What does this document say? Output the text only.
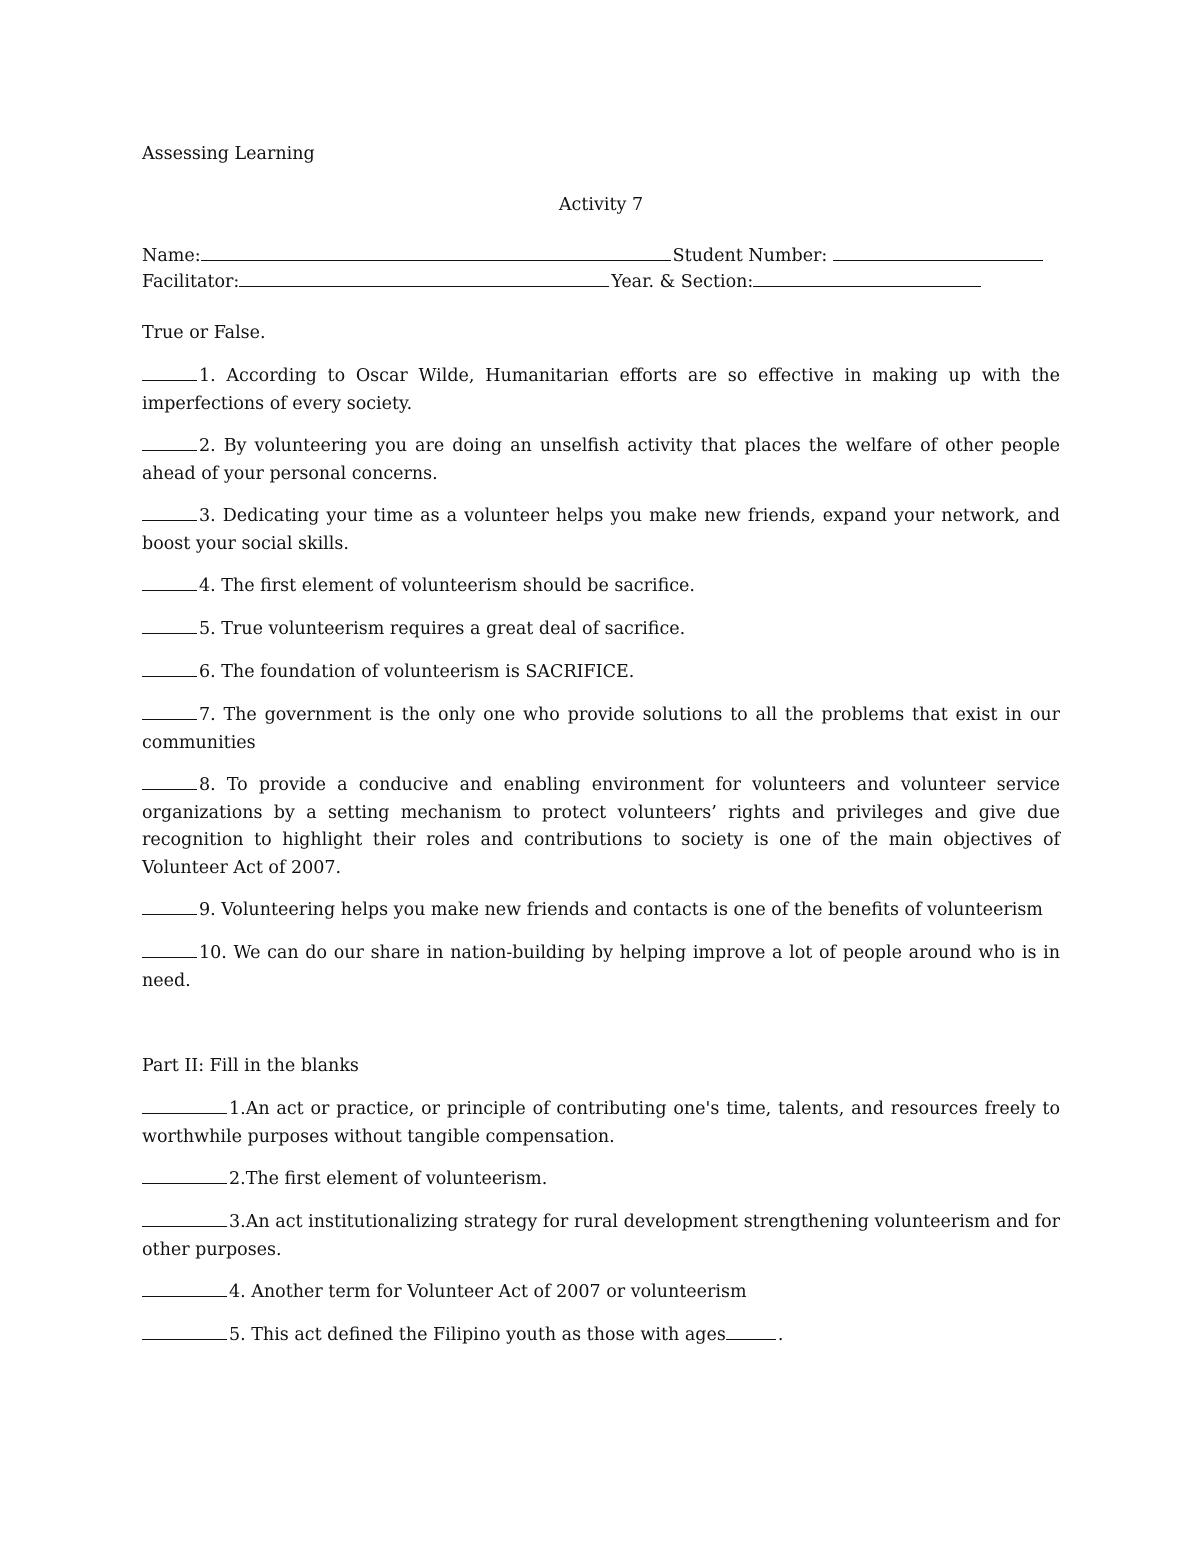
Assessing Learning
Activity 7
Name:	Student Number:
Facilitator:	Year. & Section:
True or False.
1. According to Oscar Wilde, Humanitarian efforts are so effective in making up with the imperfections of every society.
2. By volunteering you are doing an unselfish activity that places the welfare of other people ahead of your personal concerns.
3. Dedicating your time as a volunteer helps you make new friends, expand your network, and boost your social skills.
4. The first element of volunteerism should be sacrifice.
5. True volunteerism requires a great deal of sacrifice.
6. The foundation of volunteerism is SACRIFICE.
7. The government is the only one who provide solutions to all the problems that exist in our communities
8. To provide a conducive and enabling environment for volunteers and volunteer service organizations by a setting mechanism to protect volunteers’ rights and privileges and give due recognition to highlight their roles and contributions to society is one of the main objectives of Volunteer Act of 2007.
9. Volunteering helps you make new friends and contacts is one of the benefits of volunteerism
10. We can do our share in nation-building by helping improve a lot of people around who is in need.
Part II: Fill in the blanks
1.An act or practice, or principle of contributing one's time, talents, and resources freely to worthwhile purposes without tangible compensation.
2.The first element of volunteerism.
3.An act institutionalizing strategy for rural development strengthening volunteerism and for other purposes.
4. Another term for Volunteer Act of 2007 or volunteerism
5. This act defined the Filipino youth as those with ages	.
